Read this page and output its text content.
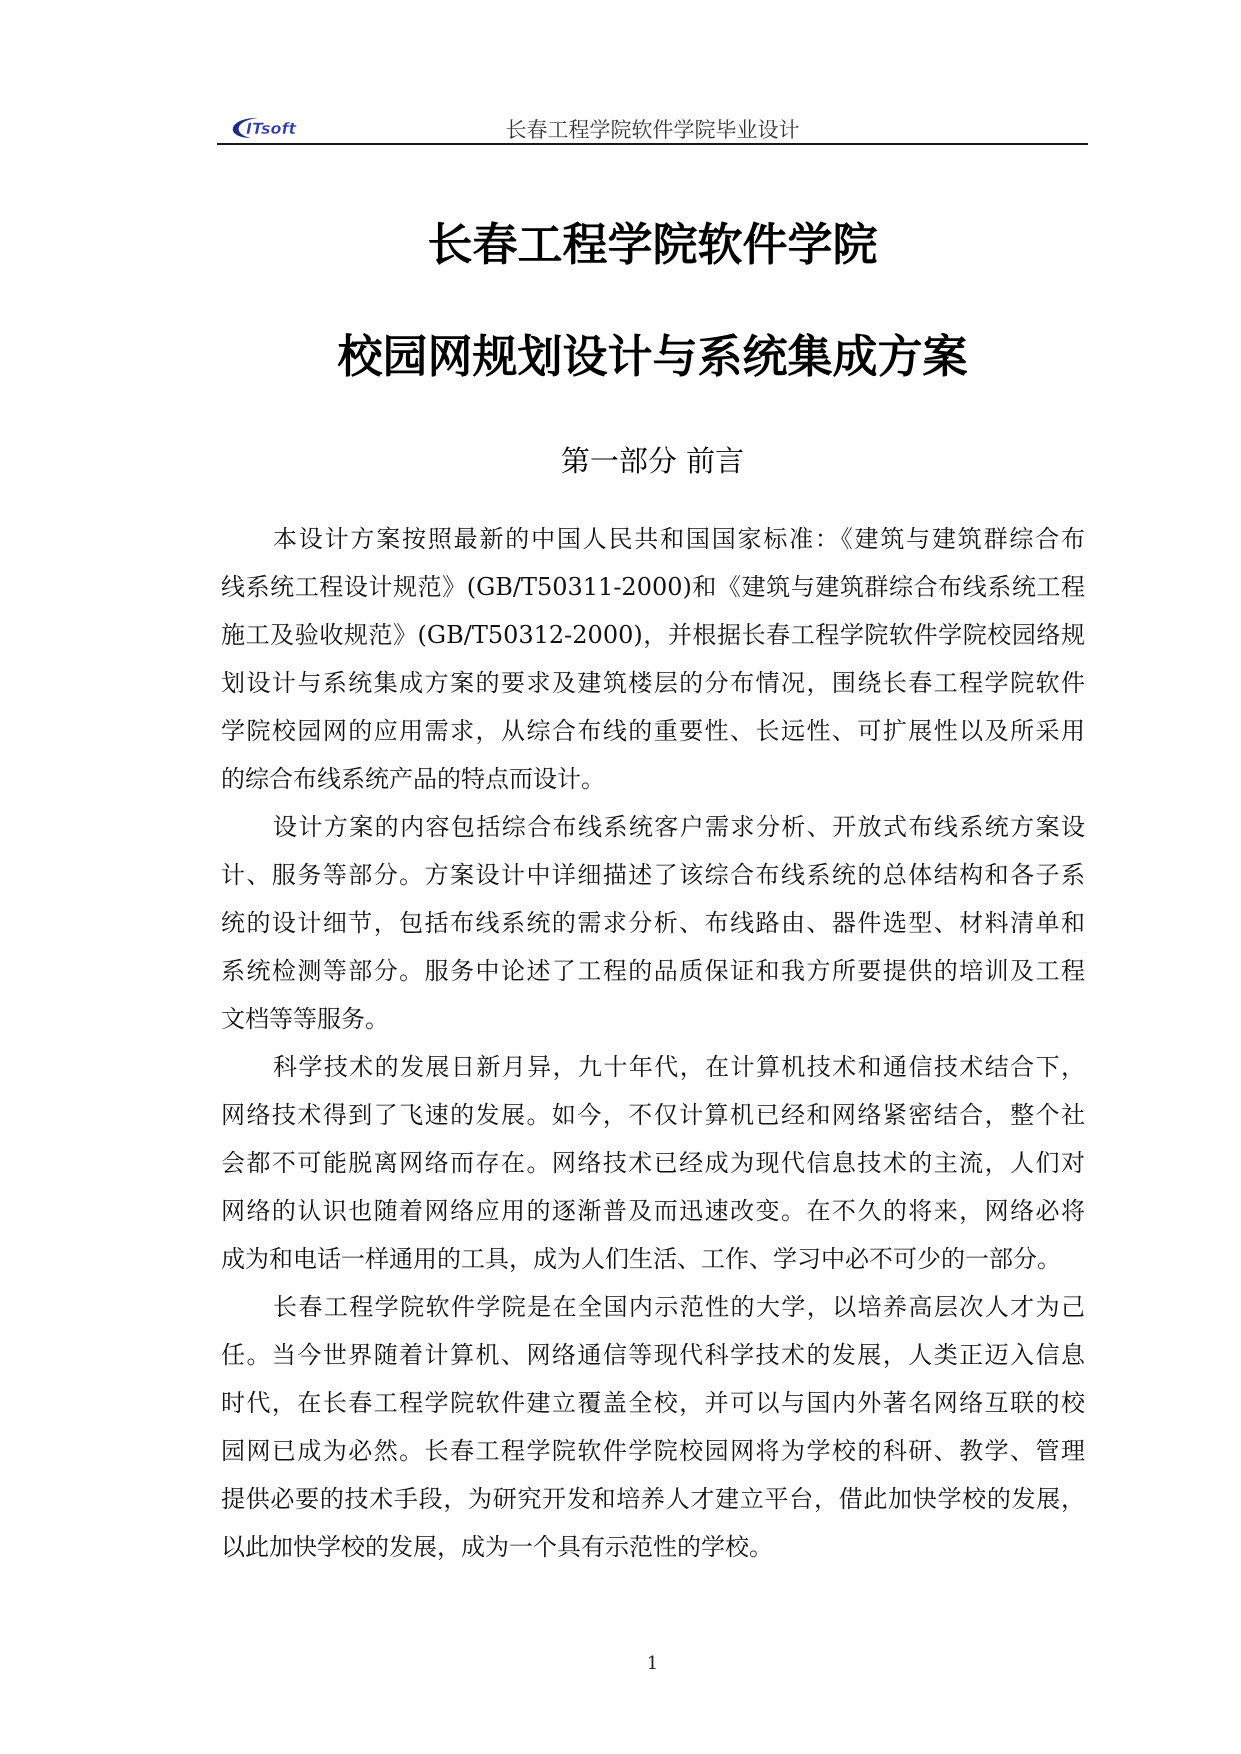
ITsoft	长春工程学院软件学院毕业设计
长春工程学院软件学院
校园网规划设计与系统集成方案
第一部分 前言
本设计方案按照最新的中国人民共和国国家标准：《建筑与建筑群综合布
线系统工程设计规范》(GB/T50311-2000)和《建筑与建筑群综合布线系统工程
施工及验收规范》(GB/T50312-2000)，并根据长春工程学院软件学院校园络规
划设计与系统集成方案的要求及建筑楼层的分布情况，围绕长春工程学院软件
学院校园网的应用需求，从综合布线的重要性、长远性、可扩展性以及所采用
的综合布线系统产品的特点而设计。
设计方案的内容包括综合布线系统客户需求分析、开放式布线系统方案设
计、服务等部分。方案设计中详细描述了该综合布线系统的总体结构和各子系
统的设计细节，包括布线系统的需求分析、布线路由、器件选型、材料清单和
系统检测等部分。服务中论述了工程的品质保证和我方所要提供的培训及工程
文档等等服务。
科学技术的发展日新月异，九十年代，在计算机技术和通信技术结合下，
网络技术得到了飞速的发展。如今，不仅计算机已经和网络紧密结合，整个社
会都不可能脱离网络而存在。网络技术已经成为现代信息技术的主流，人们对
网络的认识也随着网络应用的逐渐普及而迅速改变。在不久的将来，网络必将
成为和电话一样通用的工具，成为人们生活、工作、学习中必不可少的一部分。
长春工程学院软件学院是在全国内示范性的大学，以培养高层次人才为己
任。当今世界随着计算机、网络通信等现代科学技术的发展，人类正迈入信息
时代，在长春工程学院软件建立覆盖全校，并可以与国内外著名网络互联的校
园网已成为必然。长春工程学院软件学院校园网将为学校的科研、教学、管理
提供必要的技术手段，为研究开发和培养人才建立平台，借此加快学校的发展，
以此加快学校的发展，成为一个具有示范性的学校。
1
